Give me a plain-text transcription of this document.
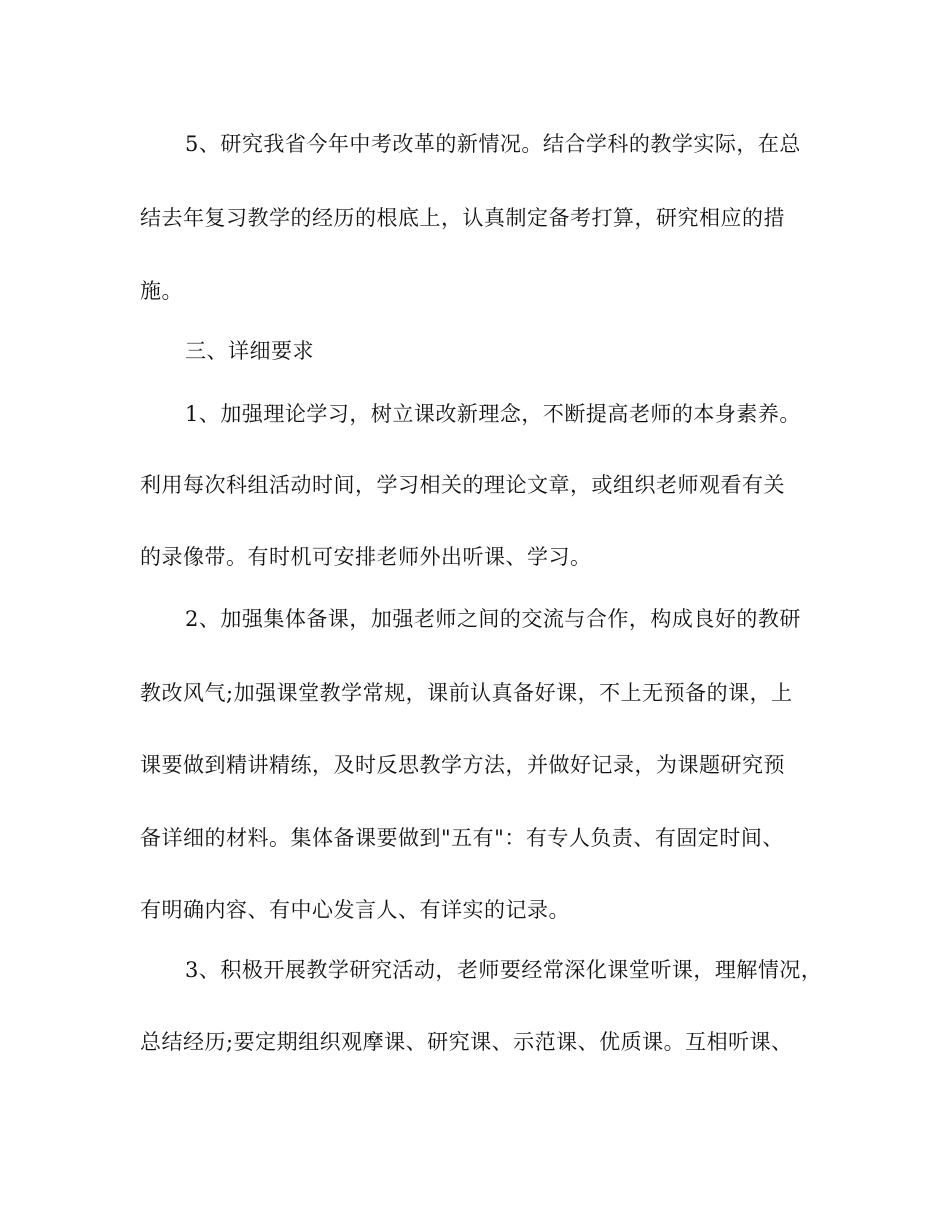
5、研究我省今年中考改革的新情况。结合学科的教学实际，在总
结去年复习教学的经历的根底上，认真制定备考打算，研究相应的措
施。
三、详细要求
1、加强理论学习，树立课改新理念，不断提高老师的本身素养。
利用每次科组活动时间，学习相关的理论文章，或组织老师观看有关
的录像带。有时机可安排老师外出听课、学习。
2、加强集体备课，加强老师之间的交流与合作，构成良好的教研
教改风气;加强课堂教学常规，课前认真备好课，不上无预备的课，上
课要做到精讲精练，及时反思教学方法，并做好记录，为课题研究预
备详细的材料。集体备课要做到"五有"：有专人负责、有固定时间、
有明确内容、有中心发言人、有详实的记录。
3、积极开展教学研究活动，老师要经常深化课堂听课，理解情况，
总结经历;要定期组织观摩课、研究课、示范课、优质课。互相听课、
